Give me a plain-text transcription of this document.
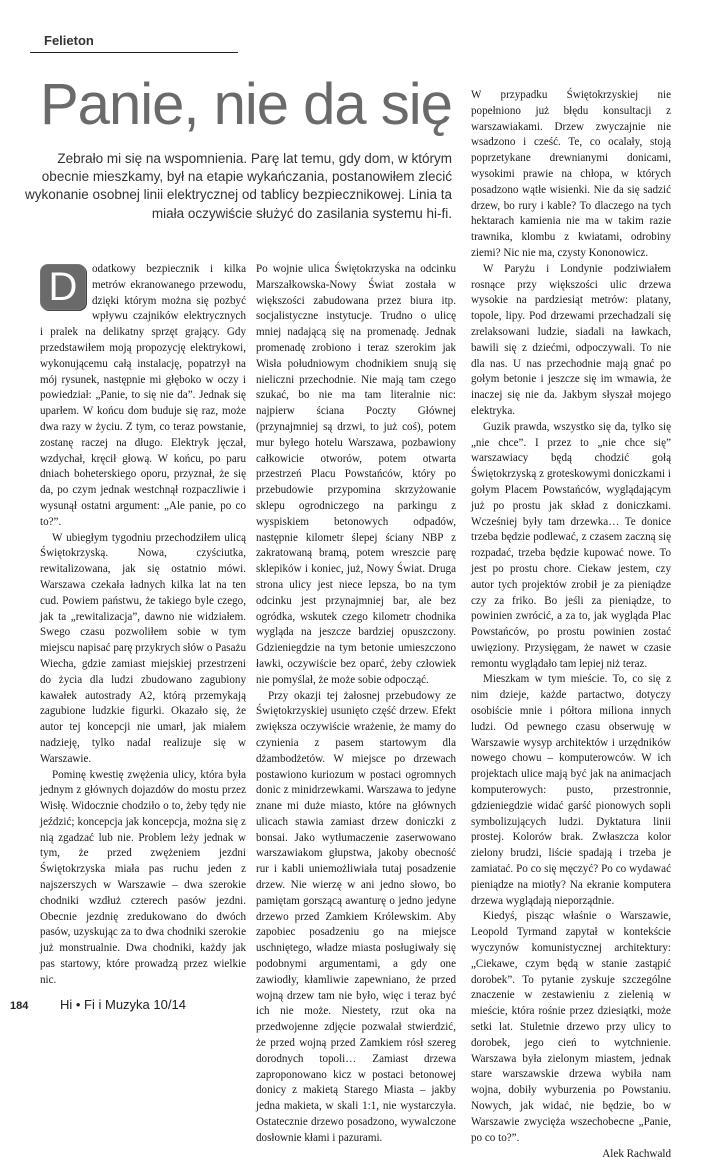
Felieton
Panie, nie da się
Zebrało mi się na wspomnienia. Parę lat temu, gdy dom, w którym obecnie mieszkamy, był na etapie wykańczania, postanowiłem zlecić wykonanie osobnej linii elektrycznej od tablicy bezpiecznikowej. Linia ta miała oczywiście służyć do zasilania systemu hi-fi.

D	odatkowy bezpiecznik i kilka metrów ekranowanego przewodu, dzięki którym można się pozbyć wpływu czajników elektrycznych i pralek na delikatny sprzęt grający. Gdy przedstawiłem moją propozycję elektrykowi, wykonującemu całą instalację, popatrzył na mój rysunek, następnie mi głęboko w oczy i powiedział: „Panie, to się nie da”. Jednak się uparłem. W końcu dom buduje się raz, może dwa razy w życiu. Z tym, co teraz powstanie, zostanę raczej na długo. Elektryk jęczał, wzdychał, kręcił głową. W końcu, po paru dniach boheterskiego oporu, przyznał, że się da, po czym jednak westchnął rozpaczliwie i wysunął ostatni argument: „Ale panie, po co to?”.

W ubiegłym tygodniu przechodziłem ulicą Świętokrzyską. Nowa, czyściutka, rewitalizowana, jak się ostatnio mówi. Warszawa czekała ładnych kilka lat na ten cud. Powiem państwu, że takiego byle czego, jak ta „rewitalizacja”, dawno nie widziałem. Swego czasu pozwoliłem sobie w tym miejscu napisać parę przykrych słów o Pasażu Wiecha, gdzie zamiast miejskiej przestrzeni do życia dla ludzi zbudowano zagubiony kawałek autostrady A2, którą przemykają zagubione ludzkie figurki. Okazało się, że autor tej koncepcji nie umarł, jak miałem nadzieję, tylko nadal realizuje się w Warszawie.

Pominę kwestię zwężenia ulicy, która była jednym z głównych dojazdów do mostu przez Wisłę. Widocznie chodziło o to, żeby tędy nie jeździć; koncepcja jak koncepcja, można się z nią zgadzać lub nie. Problem leży jednak w tym, że przed zwężeniem jezdni Świętokrzyska miała pas ruchu jeden z najszerszych w Warszawie – dwa szerokie chodniki wzdłuż czterech pasów jezdni. Obecnie jezdnię zredukowano do dwóch pasów, uzyskując za to dwa chodniki szerokie już monstrualnie. Dwa chodniki, każdy jak pas startowy, które prowadzą przez wielkie nic.

Po wojnie ulica Świętokrzyska na odcinku Marszałkowska-Nowy Świat została w większości zabudowana przez biura itp. socjalistyczne instytucje. Trudno o ulicę mniej nadającą się na promenadę. Jednak promenadę zrobiono i teraz szerokim jak Wisła południowym chodnikiem snują się nieliczni przechodnie. Nie mają tam czego szukać, bo nie ma tam literalnie nic: najpierw ściana Poczty Głównej (przynajmniej są drzwi, to już coś), potem mur byłego hotelu Warszawa, pozbawiony całkowicie otworów, potem otwarta przestrzeń Placu Powstańców, który po przebudowie przypomina skrzyżowanie sklepu ogrodniczego na parkingu z wyspiskiem betonowych odpadów, następnie kilometr ślepej ściany NBP z zakratowaną bramą, potem wreszcie parę sklepików i koniec, już, Nowy Świat. Druga strona ulicy jest niece lepsza, bo na tym odcinku jest przynajmniej bar, ale bez ogródka, wskutek czego kilometr chodnika wygląda na jeszcze bardziej opuszczony. Gdzieniegdzie na tym betonie umieszczono ławki, oczywiście bez oparć, żeby człowiek nie pomyślał, że może sobie odpocząć.

Przy okazji tej żałosnej przebudowy ze Świętokrzyskiej usunięto część drzew. Efekt zwiększa oczywiście wrażenie, że mamy do czynienia z pasem startowym dla dżambodżetów. W miejsce po drzewach postawiono kuriozum w postaci ogromnych donic z minidrzewkami. Warszawa to jedyne znane mi duże miasto, które na głównych ulicach stawia zamiast drzew doniczki z bonsai. Jako wytłumaczenie zaserwowano warszawiakom głupstwa, jakoby obecność rur i kabli uniemożliwiała tutaj posadzenie drzew. Nie wierzę w ani jedno słowo, bo pamiętam gorszącą awanturę o jedno jedyne drzewo przed Zamkiem Królewskim. Aby zapobiec posadzeniu go na miejsce uschniętego, władze miasta posługiwały się podobnymi argumentami, a gdy one zawiodły, kłamliwie zapewniano, że przed wojną drzew tam nie było, więc i teraz być ich nie może. Niestety, rzut oka na przedwojenne zdjęcie pozwalał stwierdzić, że przed wojną przed Zamkiem rósł szereg dorodnych topoli… Zamiast drzewa zaproponowano kicz w postaci betonowej donicy z makietą Starego Miasta – jakby jedna makieta, w skali 1:1, nie wystarczyła. Ostatecznie drzewo posadzono, wywalczone dosłownie kłami i pazurami.

W przypadku Świętokrzyskiej nie popełniono już błędu konsultacji z warszawiakami. Drzew zwyczajnie nie wsadzono i cześć. Te, co ocalały, stoją poprzetykane drewnianymi donicami, wysokimi prawie na chłopa, w których posadzono wątłe wisienki. Nie da się sadzić drzew, bo rury i kable? To dlaczego na tych hektarach kamienia nie ma w takim razie trawnika, klombu z kwiatami, odrobiny ziemi? Nic nie ma, czysty Kononowicz.

W Paryżu i Londynie podziwiałem rosnące przy większości ulic drzewa wysokie na pardziesiąt metrów: platany, topole, lipy. Pod drzewami przechadzali się zrelaksowani ludzie, siadali na ławkach, bawili się z dziećmi, odpoczywali. To nie dla nas. U nas przechodnie mają gnać po gołym betonie i jeszcze się im wmawia, że inaczej się nie da. Jakbym słyszał mojego elektryka.

Guzik prawda, wszystko się da, tylko się „nie chce”. I przez to „nie chce się” warszawiacy będą chodzić gołą Świętokrzyską z groteskowymi doniczkami i gołym Placem Powstańców, wyglądającym już po prostu jak skład z doniczkami. Wcześniej były tam drzewka… Te donice trzeba będzie podlewać, z czasem zaczną się rozpadać, trzeba będzie kupować nowe. To jest po prostu chore. Ciekaw jestem, czy autor tych projektów zrobił je za pieniądze czy za friko. Bo jeśli za pieniądze, to powinien zwrócić, a za to, jak wygląda Plac Powstańców, po prostu powinien zostać uwięziony. Przysięgam, że nawet w czasie remontu wyglądało tam lepiej niż teraz.

Mieszkam w tym mieście. To, co się z nim dzieje, każde partactwo, dotyczy osobiście mnie i półtora miliona innych ludzi. Od pewnego czasu obserwuję w Warszawie wysyp architektów i urzędników nowego chowu – komputerowców. W ich projektach ulice mają być jak na animacjach komputerowych: pusto, przestronnie, gdzieniegdzie widać garść pionowych sopli symbolizujących ludzi. Dyktatura linii prostej. Kolorów brak. Zwłaszcza kolor zielony brudzi, liście spadają i trzeba je zamiatać. Po co się męczyć? Po co wydawać pieniądze na miotły? Na ekranie komputera drzewa wyglądają nieporządnie.

Kiedyś, pisząc właśnie o Warszawie, Leopold Tyrmand zapytał w kontekście wyczynów komunistycznej architektury: „Ciekawe, czym będą w stanie zastąpić dorobek”. To pytanie zyskuje szczególne znaczenie w zestawieniu z zielenią w mieście, która rośnie przez dziesiątki, może setki lat. Stuletnie drzewo przy ulicy to dorobek, jego cień to wytchnienie. Warszawa była zielonym miastem, jednak stare warszawskie drzewa wybiła nam wojna, dobiły wyburzenia po Powstaniu. Nowych, jak widać, nie będzie, bo w Warszawie zwycięża wszechobecne „Panie, po co to?”.

Alek Rachwald

184 Hi • Fi i Muzyka 10/14
